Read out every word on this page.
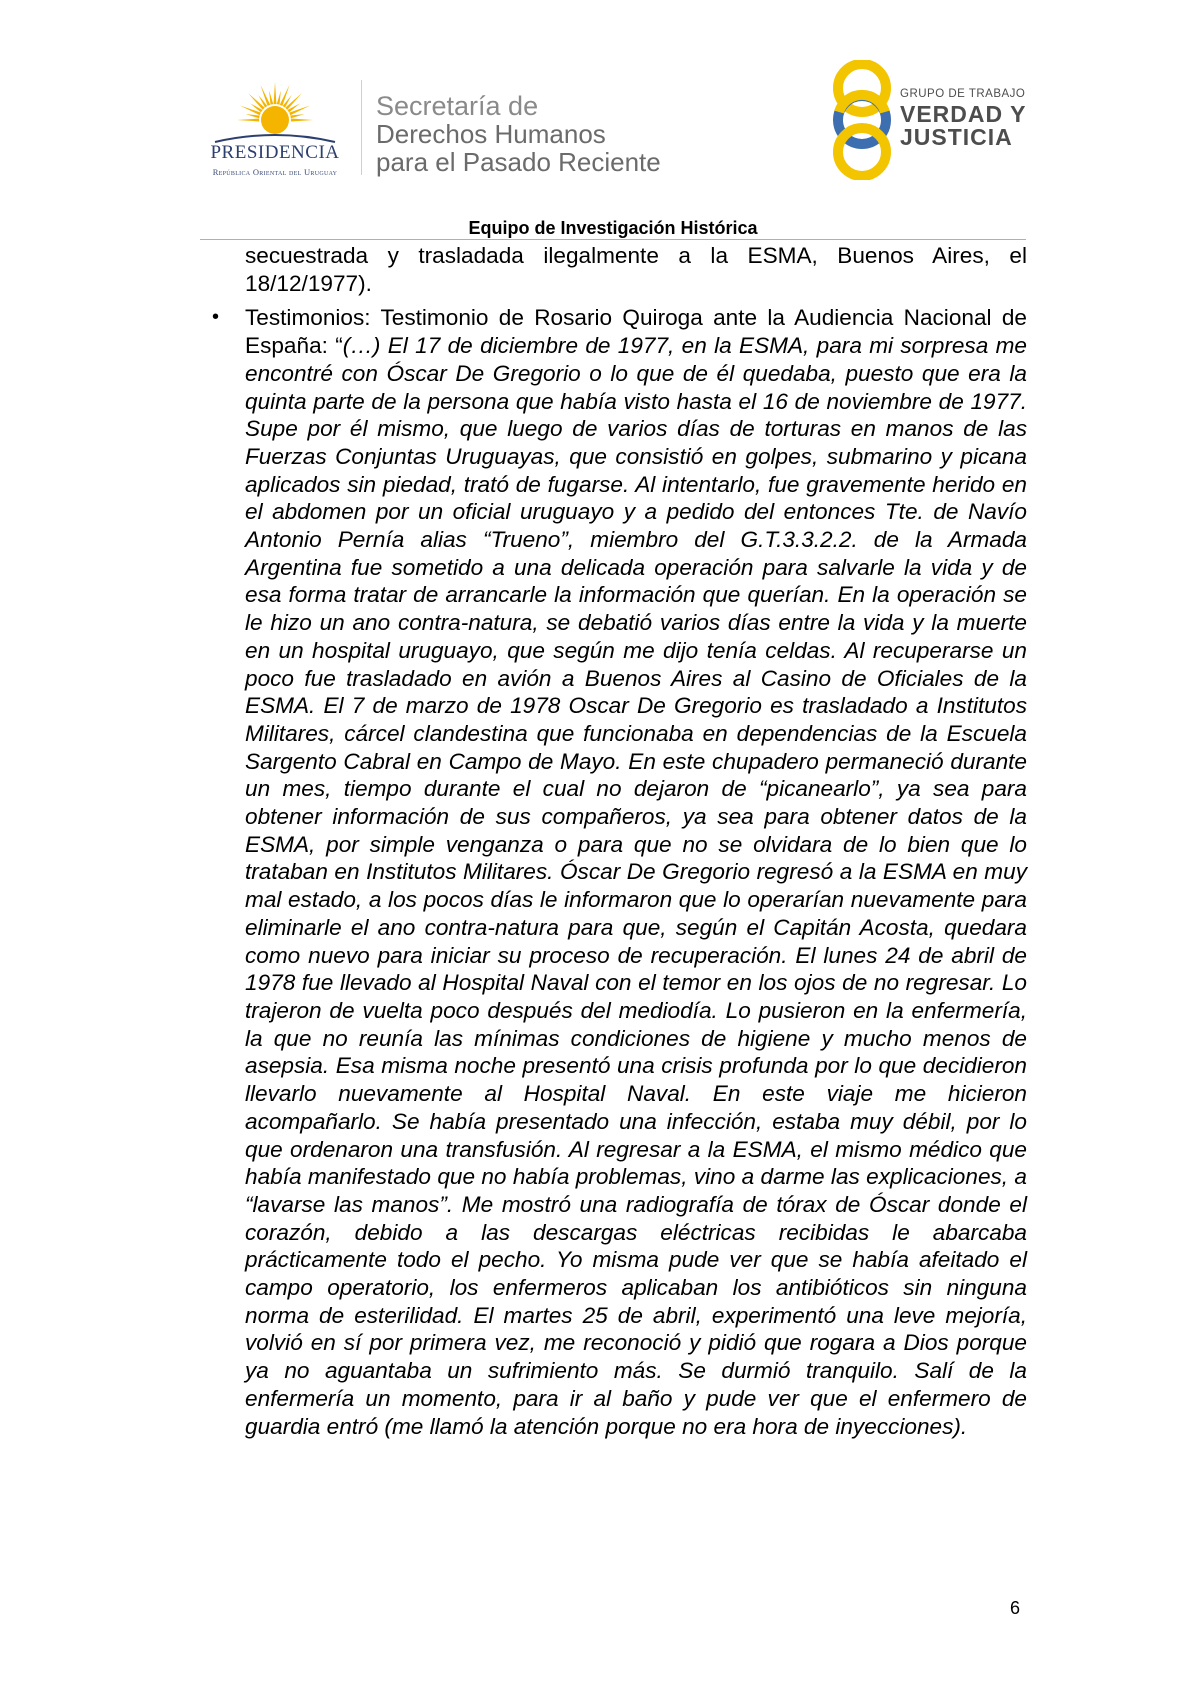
PRESIDENCIA
República Oriental del Uruguay
Secretaría de
Derechos Humanos
para el Pasado Reciente
GRUPO DE TRABAJO
VERDAD Y
JUSTICIA
Equipo de Investigación Histórica

secuestrada y trasladada ilegalmente a la ESMA, Buenos Aires, el 18/12/1977).

• Testimonios: Testimonio de Rosario Quiroga ante la Audiencia Nacional de España: “(…) El 17 de diciembre de 1977, en la ESMA, para mi sorpresa me encontré con Óscar De Gregorio o lo que de él quedaba, puesto que era la quinta parte de la persona que había visto hasta el 16 de noviembre de 1977. Supe por él mismo, que luego de varios días de torturas en manos de las Fuerzas Conjuntas Uruguayas, que consistió en golpes, submarino y picana aplicados sin piedad, trató de fugarse. Al intentarlo, fue gravemente herido en el abdomen por un oficial uruguayo y a pedido del entonces Tte. de Navío Antonio Pernía alias “Trueno”, miembro del G.T.3.3.2.2. de la Armada Argentina fue sometido a una delicada operación para salvarle la vida y de esa forma tratar de arrancarle la información que querían. En la operación se le hizo un ano contra-natura, se debatió varios días entre la vida y la muerte en un hospital uruguayo, que según me dijo tenía celdas. Al recuperarse un poco fue trasladado en avión a Buenos Aires al Casino de Oficiales de la ESMA. El 7 de marzo de 1978 Oscar De Gregorio es trasladado a Institutos Militares, cárcel clandestina que funcionaba en dependencias de la Escuela Sargento Cabral en Campo de Mayo. En este chupadero permaneció durante un mes, tiempo durante el cual no dejaron de “picanearlo”, ya sea para obtener información de sus compañeros, ya sea para obtener datos de la ESMA, por simple venganza o para que no se olvidara de lo bien que lo trataban en Institutos Militares. Óscar De Gregorio regresó a la ESMA en muy mal estado, a los pocos días le informaron que lo operarían nuevamente para eliminarle el ano contra-natura para que, según el Capitán Acosta, quedara como nuevo para iniciar su proceso de recuperación. El lunes 24 de abril de 1978 fue llevado al Hospital Naval con el temor en los ojos de no regresar. Lo trajeron de vuelta poco después del mediodía. Lo pusieron en la enfermería, la que no reunía las mínimas condiciones de higiene y mucho menos de asepsia. Esa misma noche presentó una crisis profunda por lo que decidieron llevarlo nuevamente al Hospital Naval. En este viaje me hicieron acompañarlo. Se había presentado una infección, estaba muy débil, por lo que ordenaron una transfusión. Al regresar a la ESMA, el mismo médico que había manifestado que no había problemas, vino a darme las explicaciones, a “lavarse las manos”. Me mostró una radiografía de tórax de Óscar donde el corazón, debido a las descargas eléctricas recibidas le abarcaba prácticamente todo el pecho. Yo misma pude ver que se había afeitado el campo operatorio, los enfermeros aplicaban los antibióticos sin ninguna norma de esterilidad. El martes 25 de abril, experimentó una leve mejoría, volvió en sí por primera vez, me reconoció y pidió que rogara a Dios porque ya no aguantaba un sufrimiento más. Se durmió tranquilo. Salí de la enfermería un momento, para ir al baño y pude ver que el enfermero de guardia entró (me llamó la atención porque no era hora de inyecciones).

6
